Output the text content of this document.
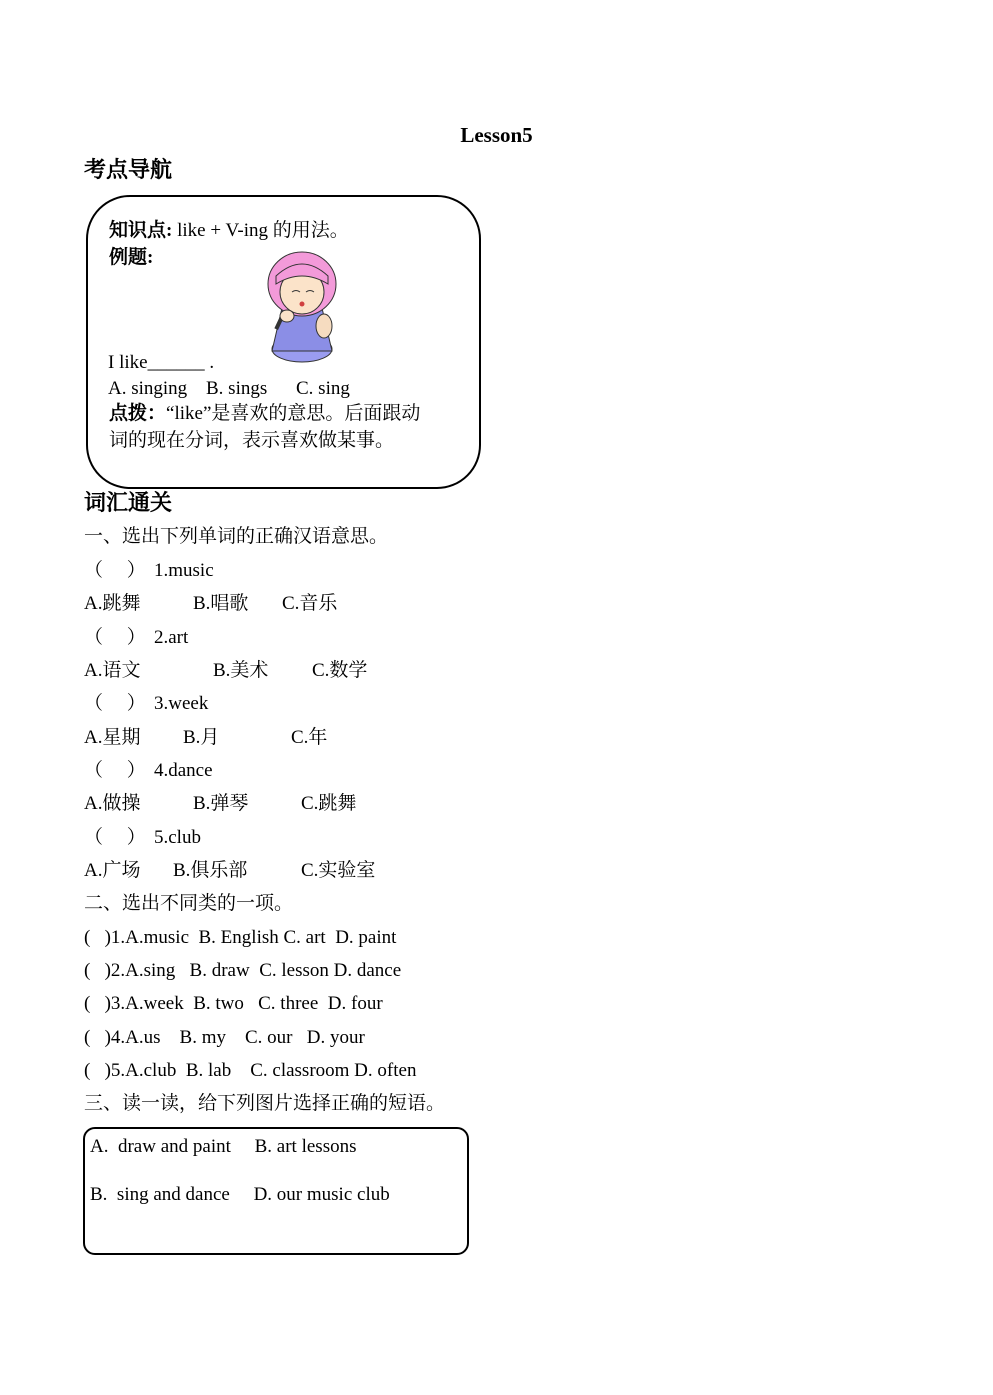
Lesson5
考点导航
知识点: like + V-ing 的用法。
例题:
I like______ .
A. singing B. sings C. sing
点拨：“like”是喜欢的意思。后面跟动
词的现在分词，表示喜欢做某事。
词汇通关
一、选出下列单词的正确汉语意思。
（　 ） 1.music
A.跳舞	B.唱歌 C.音乐
（　 ） 2.art
A.语文	B.美术 C.数学
（　 ） 3.week
A.星期 B.月	C.年
（　 ） 4.dance
A.做操	B.弹琴	C.跳舞
（　 ） 5.club
A.广场 B.俱乐部	C.实验室
二、选出不同类的一项。
(   )1.A.music  B. English C. art  D. paint
(   )2.A.sing   B. draw  C. lesson D. dance
(   )3.A.week  B. two   C. three  D. four
(   )4.A.us    B. my    C. our   D. your
(   )5.A.club  B. lab    C. classroom D. often
三、读一读，给下列图片选择正确的短语。
A.  draw and paint     B. art lessons
B.  sing and dance     D. our music club
